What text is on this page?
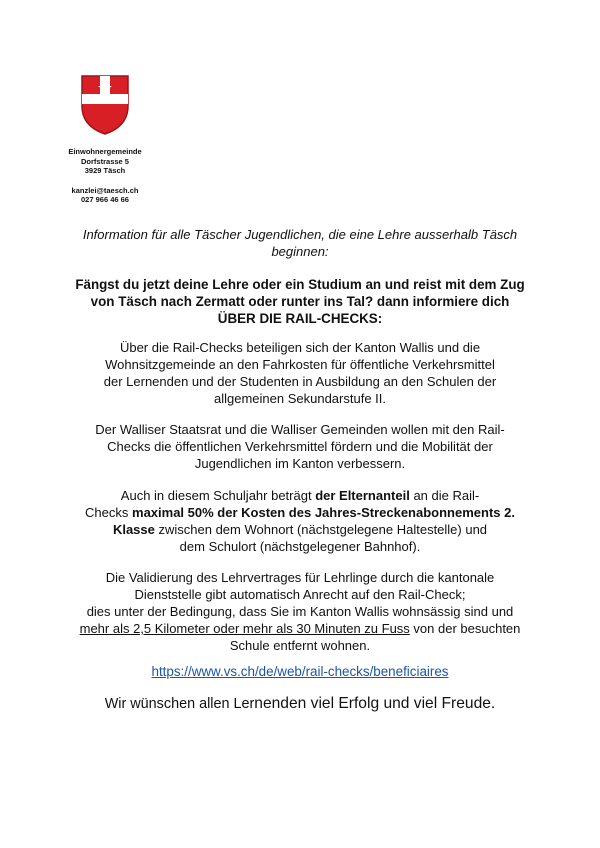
Einwohnergemeinde
Dorfstrasse 5
3929 Täsch
kanzlei@taesch.ch
027 966 46 66
Information für alle Täscher Jugendlichen, die eine Lehre ausserhalb Täsch
beginnen:
Fängst du jetzt deine Lehre oder ein Studium an und reist mit dem Zug
von Täsch nach Zermatt oder runter ins Tal? dann informiere dich
ÜBER DIE RAIL-CHECKS:
Über die Rail-Checks beteiligen sich der Kanton Wallis und die
Wohnsitzgemeinde an den Fahrkosten für öffentliche Verkehrsmittel
der Lernenden und der Studenten in Ausbildung an den Schulen der
allgemeinen Sekundarstufe II.
Der Walliser Staatsrat und die Walliser Gemeinden wollen mit den Rail-
Checks die öffentlichen Verkehrsmittel fördern und die Mobilität der
Jugendlichen im Kanton verbessern.
Auch in diesem Schuljahr beträgt der Elternanteil an die Rail-
Checks maximal 50% der Kosten des Jahres-Streckenabonnements 2.
Klasse zwischen dem Wohnort (nächstgelegene Haltestelle) und
dem Schulort (nächstgelegener Bahnhof).
Die Validierung des Lehrvertrages für Lehrlinge durch die kantonale
Dienststelle gibt automatisch Anrecht auf den Rail-Check;
dies unter der Bedingung, dass Sie im Kanton Wallis wohnsässig sind und
mehr als 2,5 Kilometer oder mehr als 30 Minuten zu Fuss von der besuchten
Schule entfernt wohnen.
https://www.vs.ch/de/web/rail-checks/beneficiaires
Wir wünschen allen Lernenden viel Erfolg und viel Freude.
